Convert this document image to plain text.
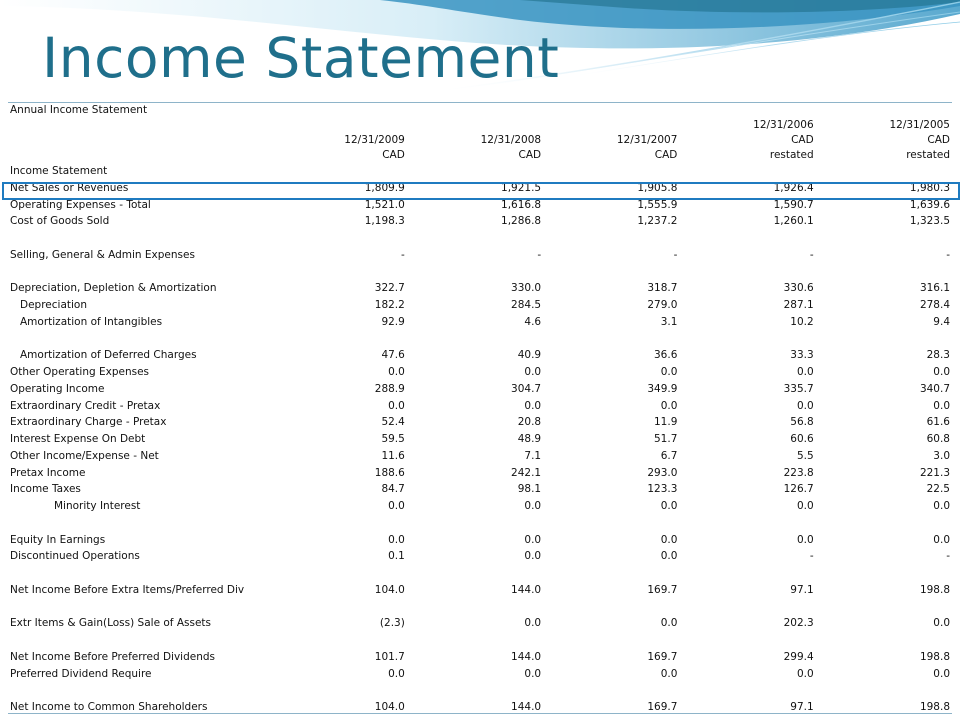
Income Statement
Annual Income Statement					
				12/31/2006	12/31/2005
	12/31/2009	12/31/2008	12/31/2007	CAD	CAD
	CAD	CAD	CAD	restated	restated
Income Statement					
Net Sales or Revenues	1,809.9	1,921.5	1,905.8	1,926.4	1,980.3
Operating Expenses - Total	1,521.0	1,616.8	1,555.9	1,590.7	1,639.6
Cost of Goods Sold	1,198.3	1,286.8	1,237.2	1,260.1	1,323.5

Selling, General & Admin Expenses	-	-	-	-	-

Depreciation, Depletion & Amortization	322.7	330.0	318.7	330.6	316.1
Depreciation	182.2	284.5	279.0	287.1	278.4
Amortization of Intangibles	92.9	4.6	3.1	10.2	9.4

Amortization of Deferred Charges	47.6	40.9	36.6	33.3	28.3
Other Operating Expenses	0.0	0.0	0.0	0.0	0.0
Operating Income	288.9	304.7	349.9	335.7	340.7
Extraordinary Credit - Pretax	0.0	0.0	0.0	0.0	0.0
Extraordinary Charge - Pretax	52.4	20.8	11.9	56.8	61.6
Interest Expense On Debt	59.5	48.9	51.7	60.6	60.8
Other Income/Expense - Net	11.6	7.1	6.7	5.5	3.0
Pretax Income	188.6	242.1	293.0	223.8	221.3
Income Taxes	84.7	98.1	123.3	126.7	22.5
Minority Interest	0.0	0.0	0.0	0.0	0.0

Equity In Earnings	0.0	0.0	0.0	0.0	0.0
Discontinued Operations	0.1	0.0	0.0	-	-

Net Income Before Extra Items/Preferred Div	104.0	144.0	169.7	97.1	198.8

Extr Items & Gain(Loss) Sale of Assets	(2.3)	0.0	0.0	202.3	0.0

Net Income Before Preferred Dividends	101.7	144.0	169.7	299.4	198.8
Preferred Dividend Require	0.0	0.0	0.0	0.0	0.0

Net Income to Common Shareholders	104.0	144.0	169.7	97.1	198.8
